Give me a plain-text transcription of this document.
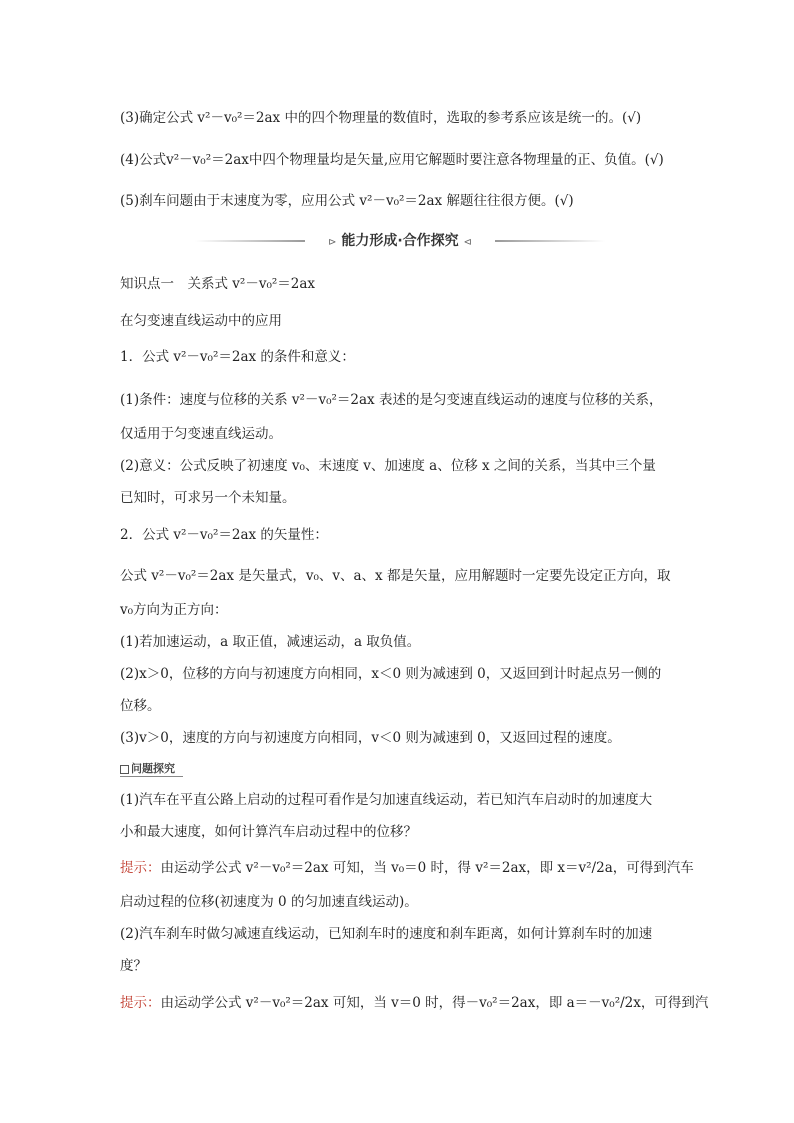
(3)确定公式 v²－v₀²＝2ax 中的四个物理量的数值时，选取的参考系应该是统一的。(√)
(4)公式v²－v₀²＝2ax中四个物理量均是矢量,应用它解题时要注意各物理量的正、负值。(√)
(5)刹车问题由于末速度为零，应用公式 v²－v₀²＝2ax 解题往往很方便。(√)
⊳ 能力形成·合作探究 ⊲
知识点一　关系式 v²－v₀²＝2ax
在匀变速直线运动中的应用
1．公式 v²－v₀²＝2ax 的条件和意义：
(1)条件：速度与位移的关系 v²－v₀²＝2ax 表述的是匀变速直线运动的速度与位移的关系，
仅适用于匀变速直线运动。
(2)意义：公式反映了初速度 v₀、末速度 v、加速度 a、位移 x 之间的关系，当其中三个量
已知时，可求另一个未知量。
2．公式 v²－v₀²＝2ax 的矢量性：
公式 v²－v₀²＝2ax 是矢量式，v₀、v、a、x 都是矢量，应用解题时一定要先设定正方向，取
v₀方向为正方向：
(1)若加速运动，a 取正值，减速运动，a 取负值。
(2)x＞0，位移的方向与初速度方向相同，x＜0 则为减速到 0，又返回到计时起点另一侧的
位移。
(3)v＞0，速度的方向与初速度方向相同，v＜0 则为减速到 0，又返回过程的速度。
问题探究
(1)汽车在平直公路上启动的过程可看作是匀加速直线运动，若已知汽车启动时的加速度大
小和最大速度，如何计算汽车启动过程中的位移？
提示：由运动学公式 v²－v₀²＝2ax 可知，当 v₀＝0 时，得 v²＝2ax，即 x＝v²/2a，可得到汽车
启动过程的位移(初速度为 0 的匀加速直线运动)。
(2)汽车刹车时做匀减速直线运动，已知刹车时的速度和刹车距离，如何计算刹车时的加速
度？
提示：由运动学公式 v²－v₀²＝2ax 可知，当 v＝0 时，得－v₀²＝2ax，即 a＝－v₀²/2x，可得到汽
